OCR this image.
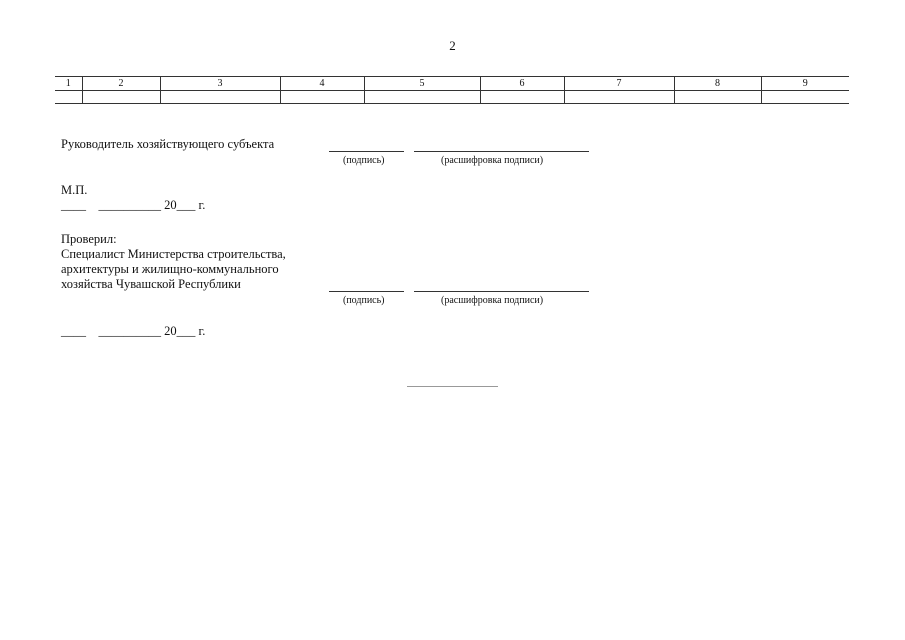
2
1	2	3	4	5	6	7	8	9

Руководитель хозяйствующего субъекта
(подпись)	(расшифровка подписи)
М.П.
____ __________ 20___ г.
Проверил:
Специалист Министерства строительства,
архитектуры и жилищно-коммунального
хозяйства Чувашской Республики
(подпись)	(расшифровка подписи)
____ __________ 20___ г.
